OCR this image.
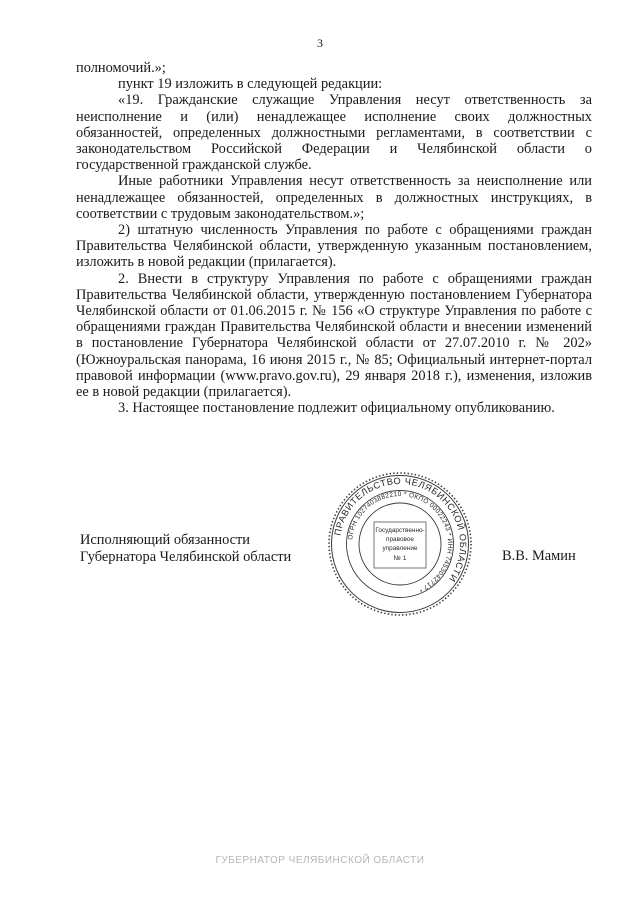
3

полномочий.»;

пункт 19 изложить в следующей редакции:

«19. Гражданские служащие Управления несут ответственность за неисполнение и (или) ненадлежащее исполнение своих должностных обязанностей, определенных должностными регламентами, в соответствии с законодательством Российской Федерации и Челябинской области о государственной гражданской службе.

Иные работники Управления несут ответственность за неисполнение или ненадлежащее обязанностей, определенных в должностных инструкциях, в соответствии с трудовым законодательством.»;

2) штатную численность Управления по работе с обращениями граждан Правительства Челябинской области, утвержденную указанным постановлением, изложить в новой редакции (прилагается).

2. Внести в структуру Управления по работе с обращениями граждан Правительства Челябинской области, утвержденную постановлением Губернатора Челябинской области от 01.06.2015 г. № 156 «О структуре Управления по работе с обращениями граждан Правительства Челябинской области и внесении изменений в постановление Губернатора Челябинской области от 27.07.2010 г. № 202» (Южноуральская панорама, 16 июня 2015 г., № 85; Официальный интернет-портал правовой информации (www.pravo.gov.ru), 29 января 2018 г.), изменения, изложив ее в новой редакции (прилагается).

3. Настоящее постановление подлежит официальному опубликованию.

Исполняющий обязанности
Губернатора Челябинской области
ПРАВИТЕЛЬСТВО ЧЕЛЯБИНСКОЙ ОБЛАСТИ
ОГРН 1027403882210 * ОКПО 00022243 * ИНН 7453042717 *
Государственно-
правовое
управление
№ 1	В.В. Мамин
ГУБЕРНАТОР ЧЕЛЯБИНСКОЙ ОБЛАСТИ
